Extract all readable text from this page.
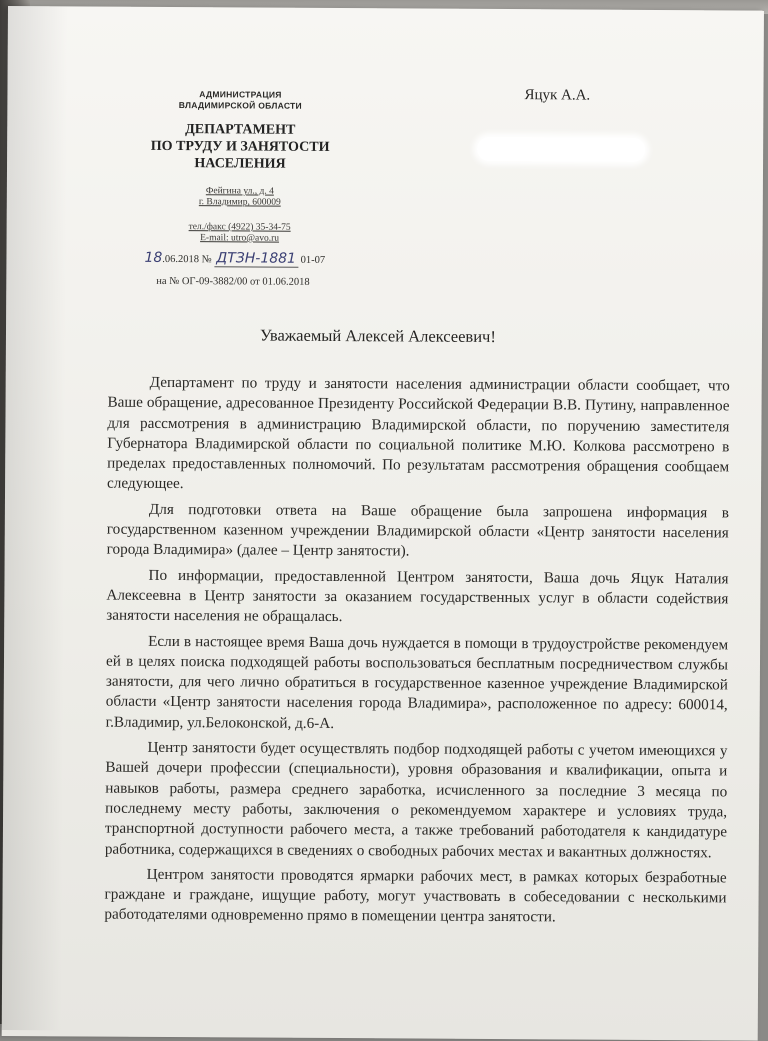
АДМИНИСТРАЦИЯ
ВЛАДИМИРСКОЙ ОБЛАСТИ
ДЕПАРТАМЕНТ
ПО ТРУДУ И ЗАНЯТОСТИ
НАСЕЛЕНИЯ
Фейгина ул., д. 4
г. Владимир, 600009
тел./факс (4922) 35-34-75
E-mail: utro@avo.ru
18.06.2018 № ДТЗН-1881 01-07
на № ОГ-09-3882/00 от 01.06.2018
Яцук А.А.
Уважаемый Алексей Алексеевич!

Департамент по труду и занятости населения администрации области сообщает, что Ваше обращение, адресованное Президенту Российской Федерации В.В. Путину, направленное для рассмотрения в администрацию Владимирской области, по поручению заместителя Губернатора Владимирской области по социальной политике М.Ю. Колкова рассмотрено в пределах предоставленных полномочий. По результатам рассмотрения обращения сообщаем следующее.

Для подготовки ответа на Ваше обращение была запрошена информация в государственном казенном учреждении Владимирской области «Центр занятости населения города Владимира» (далее – Центр занятости).

По информации, предоставленной Центром занятости, Ваша дочь Яцук Наталия Алексеевна в Центр занятости за оказанием государственных услуг в области содействия занятости населения не обращалась.

Если в настоящее время Ваша дочь нуждается в помощи в трудоустройстве рекомендуем ей в целях поиска подходящей работы воспользоваться бесплатным посредничеством службы занятости, для чего лично обратиться в государственное казенное учреждение Владимирской области «Центр занятости населения города Владимира», расположенное по адресу: 600014, г.Владимир, ул.Белоконской, д.6-А.

Центр занятости будет осуществлять подбор подходящей работы с учетом имеющихся у Вашей дочери профессии (специальности), уровня образования и квалификации, опыта и навыков работы, размера среднего заработка, исчисленного за последние 3 месяца по последнему месту работы, заключения о рекомендуемом характере и условиях труда, транспортной доступности рабочего места, а также требований работодателя к кандидатуре работника, содержащихся в сведениях о свободных рабочих местах и вакантных должностях.

Центром занятости проводятся ярмарки рабочих мест, в рамках которых безработные граждане и граждане, ищущие работу, могут участвовать в собеседовании с несколькими работодателями одновременно прямо в помещении центра занятости.
